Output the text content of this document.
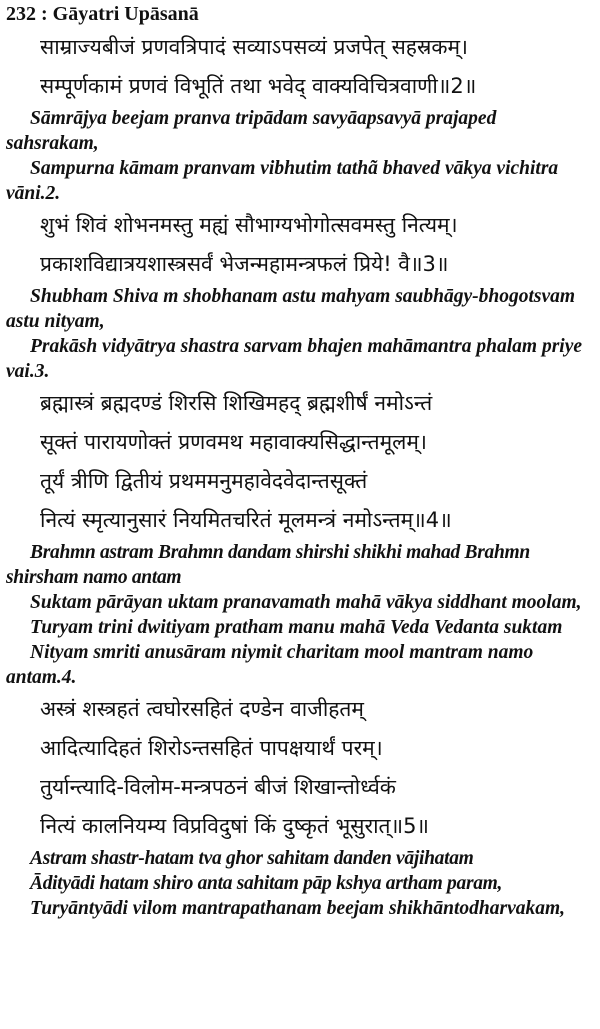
232 : Gāyatri Upāsanā
साम्राज्यबीजं प्रणवत्रिपादं सव्याऽपसव्यं प्रजपेत् सहस्रकम्।
सम्पूर्णकामं प्रणवं विभूतिं तथा भवेद् वाक्यविचित्रवाणी॥2॥
Sāmrājya beejam pranva tripādam savyāapsavyā prajaped sahsrakam,
Sampurna kāmam pranvam vibhutim tathã bhaved vākya vichitra vāni.2.
शुभं शिवं शोभनमस्तु मह्यं सौभाग्यभोगोत्सवमस्तु नित्यम्।
प्रकाशविद्यात्रयशास्त्रसर्वं भेजन्महामन्त्रफलं प्रिये! वै॥3॥
Shubham Shiva m shobhanam astu mahyam saubhāgy-bhogotsvam astu nityam,
Prakāsh vidyātrya shastra sarvam bhajen mahāmantra phalam priye vai.3.
ब्रह्मास्त्रं ब्रह्मदण्डं शिरसि शिखिमहद् ब्रह्मशीर्षं नमोऽन्तं
सूक्तं पारायणोक्तं प्रणवमथ महावाक्यसिद्धान्तमूलम्।
तूर्यं त्रीणि द्वितीयं प्रथममनुमहावेदवेदान्तसूक्तं
नित्यं स्मृत्यानुसारं नियमितचरितं मूलमन्त्रं नमोऽन्तम्॥4॥
Brahmn astram Brahmn dandam shirshi shikhi mahad Brahmn shirsham namo antam
Suktam pārāyan uktam pranavamath mahā vākya siddhant moolam,
Turyam trini dwitiyam pratham manu mahā Veda Vedanta suktam
Nityam smriti anusāram niymit charitam mool mantram namo antam.4.
अस्त्रं शस्त्रहतं त्वघोरसहितं दण्डेन वाजीहतम्
आदित्यादिहतं शिरोऽन्तसहितं पापक्षयार्थं परम्।
तुर्यान्त्यादि-विलोम-मन्त्रपठनं बीजं शिखान्तोर्ध्वकं
नित्यं कालनियम्य विप्रविदुषां किं दुष्कृतं भूसुरात्॥5॥
Astram shastr-hatam tva ghor sahitam danden vājihatam
Ādityādi hatam shiro anta sahitam pāp kshya artham param,
Turyāntyādi vilom mantrapathanam beejam shikhāntodharvakam,
